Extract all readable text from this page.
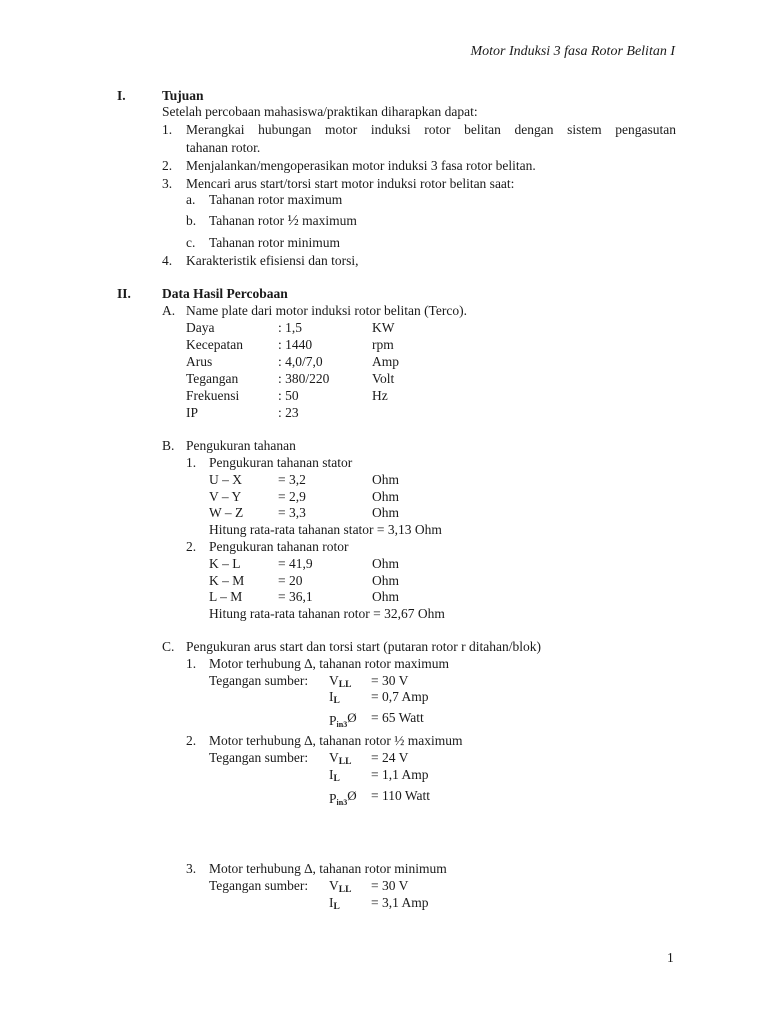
Motor Induksi 3 fasa Rotor Belitan I
I.	Tujuan
Setelah percobaan mahasiswa/praktikan diharapkan dapat:
1. Merangkai hubungan motor induksi rotor belitan dengan sistem pengasutan
tahanan rotor.
2. Menjalankan/mengoperasikan motor induksi 3 fasa rotor belitan.
3. Mencari arus start/torsi start motor induksi rotor belitan saat:
a. Tahanan rotor maximum
b. Tahanan rotor ½ maximum
c. Tahanan rotor minimum
4. Karakteristik efisiensi dan torsi,
II. Data Hasil Percobaan
A. Name plate dari motor induksi rotor belitan (Terco).
Daya	: 1,5	KW
Kecepatan	: 1440	rpm
Arus	: 4,0/7,0	Amp
Tegangan	: 380/220	Volt
Frekuensi	: 50	Hz
IP	: 23
B. Pengukuran tahanan
1. Pengukuran tahanan stator
U – X	= 3,2	Ohm
V – Y	= 2,9	Ohm
W – Z	= 3,3	Ohm
Hitung rata-rata tahanan stator = 3,13 Ohm
2. Pengukuran tahanan rotor
K – L	= 41,9	Ohm
K – M = 20	Ohm
L – M	= 36,1	Ohm
Hitung rata-rata tahanan rotor = 32,67 Ohm
C. Pengukuran arus start dan torsi start (putaran rotor r ditahan/blok)
1. Motor terhubung ∆, tahanan rotor maximum
Tegangan sumber: $V_{LL} = 30$ V
$I_L = 0,7$ Amp
Pin3Ø = 65 Watt
2. Motor terhubung ∆, tahanan rotor ½ maximum
Tegangan sumber: $V_{LL} = 24$ V
$I_L = 1,1$ Amp
Pin3Ø = 110 Watt
3. Motor terhubung ∆, tahanan rotor minimum
Tegangan sumber: $V_{LL} = 30$ V
$I_L = 3,1$ Amp
1
